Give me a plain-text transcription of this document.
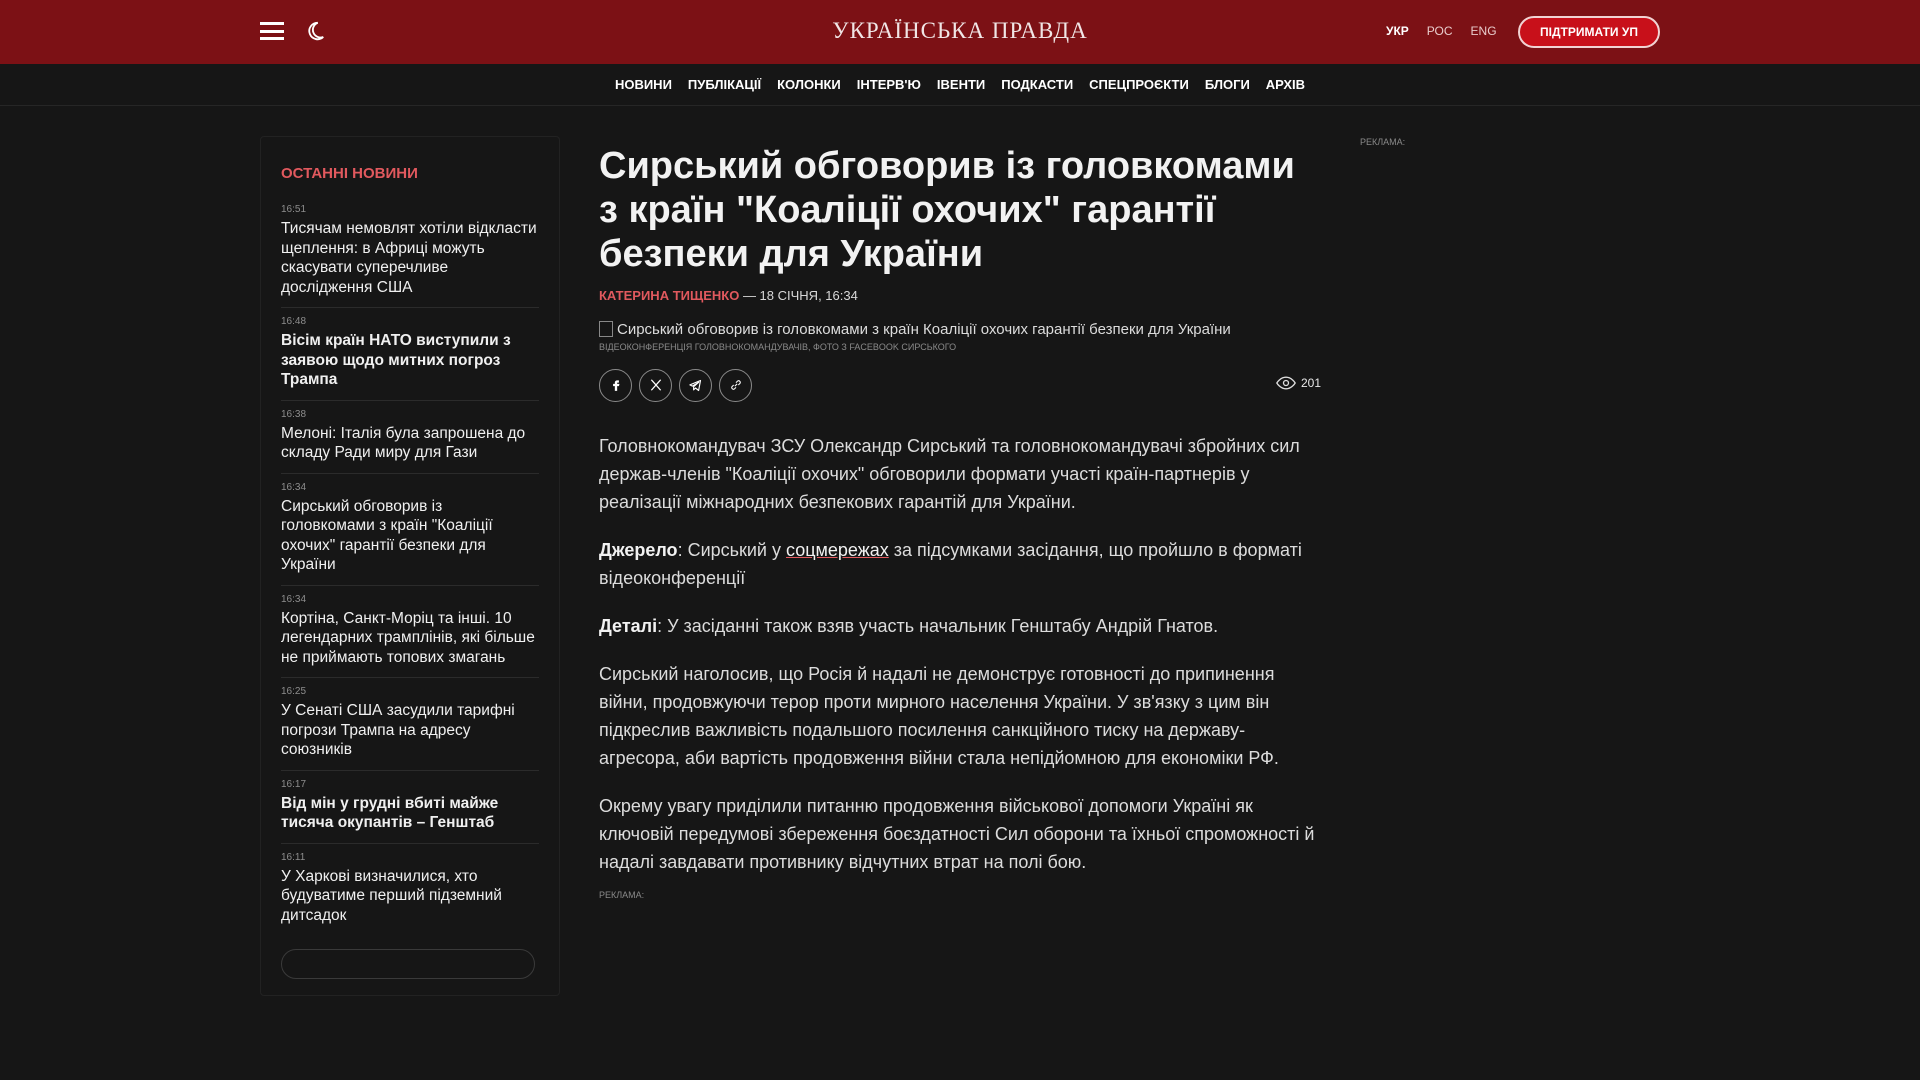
УКРАЇНСЬКА ПРАВДА	УКР РОС ENG	ПІДТРИМАТИ УП
НОВИНИ ПУБЛІКАЦІЇ КОЛОНКИ ІНТЕРВ'Ю ІВЕНТИ ПОДКАСТИ СПЕЦПРОЄКТИ БЛОГИ АРХІВ
ОСТАННІ НОВИНИ
16:51
Тисячам немовлят хотіли відкласти щеплення: в Африці можуть скасувати суперечливе дослідження США
16:48
Вісім країн НАТО виступили з заявою щодо митних погроз Трампа
16:38
Мелоні: Італія була запрошена до складу Ради миру для Гази
16:34
Сирський обговорив із головкомами з країн "Коаліції охочих" гарантії безпеки для України
16:34
Кортіна, Санкт-Моріц та інші. 10 легендарних трамплінів, які більше не приймають топових змагань
16:25
У Сенаті США засудили тарифні погрози Трампа на адресу союзників
16:17
Від мін у грудні вбиті майже тисяча окупантів – Генштаб
16:11
У Харкові визначилися, хто будуватиме перший підземний дитсадок
Сирський обговорив із головкомами з країн "Коаліції охочих" гарантії безпеки для України
КАТЕРИНА ТИЩЕНКО — 18 СІЧНЯ, 16:34
Сирський обговорив із головкомами з країн Коаліції охочих гарантії безпеки для України
ВІДЕОКОНФЕРЕНЦІЯ ГОЛОВНОКОМАНДУВАЧІВ, ФОТО З FACEBOOK СИРСЬКОГО
201

Головнокомандувач ЗСУ Олександр Сирський та головнокомандувачі збройних сил держав-членів "Коаліції охочих" обговорили формати участі країн-партнерів у реалізації міжнародних безпекових гарантій для України.

Джерело: Сирський у соцмережах за підсумками засідання, що пройшло в форматі відеоконференції

Деталі: У засіданні також взяв участь начальник Генштабу Андрій Гнатов.

Сирський наголосив, що Росія й надалі не демонструє готовності до припинення війни, продовжуючи терор проти мирного населення України. У зв'язку з цим він підкреслив важливість подальшого посилення санкційного тиску на державу-агресора, аби вартість продовження війни стала непідйомною для економіки РФ.

Окрему увагу приділили питанню продовження військової допомоги Україні як ключовій передумові збереження боєздатності Сил оборони та їхньої спроможності й надалі завдавати противнику відчутних втрат на полі бою.

РЕКЛАМА:
РЕКЛАМА:
